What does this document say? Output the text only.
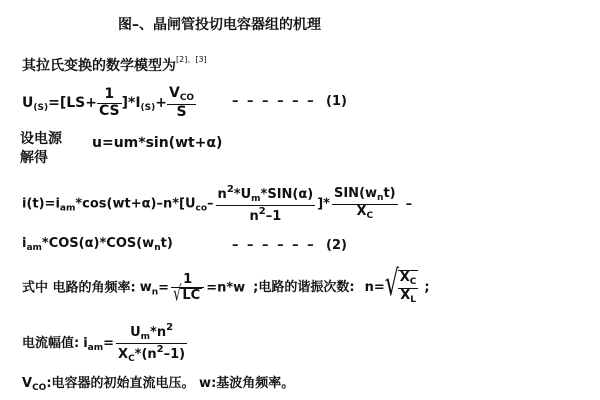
图–、晶闸管投切电容器组的机理
其拉氏变换的数学模型为[2]、[3]
$U_{(S)}=[LS+ \frac{1}{CS} ]*I_{(S)}+ \frac{V_{CO}}{S}$	– – – – – – (1)
设电源
解得
u=um*sin(wt+α)
$i(t)=i_{am}*\cos(wt+\alpha)-n*[U_{co}- \frac{n^2*U_m*SIN(\alpha)}{n^2-1}$ ]* $\frac{SIN(w_nt)}{X_C}$ –
$i_{am}*COS(\alpha)*COS(w_nt)$	– – – – – – (2)
式中 电路的角频率: $w_n= \frac{1}{√LC} =n*w$ ;电路的谐振次数: $n=√ \frac{X_C}{X_L}$ ;
电流幅值: $i_{am}= \frac{U_m*n^2}{X_C*(n^2-1)}$
$V_{CO}$:电容器的初始直流电压。 w:基波角频率。
